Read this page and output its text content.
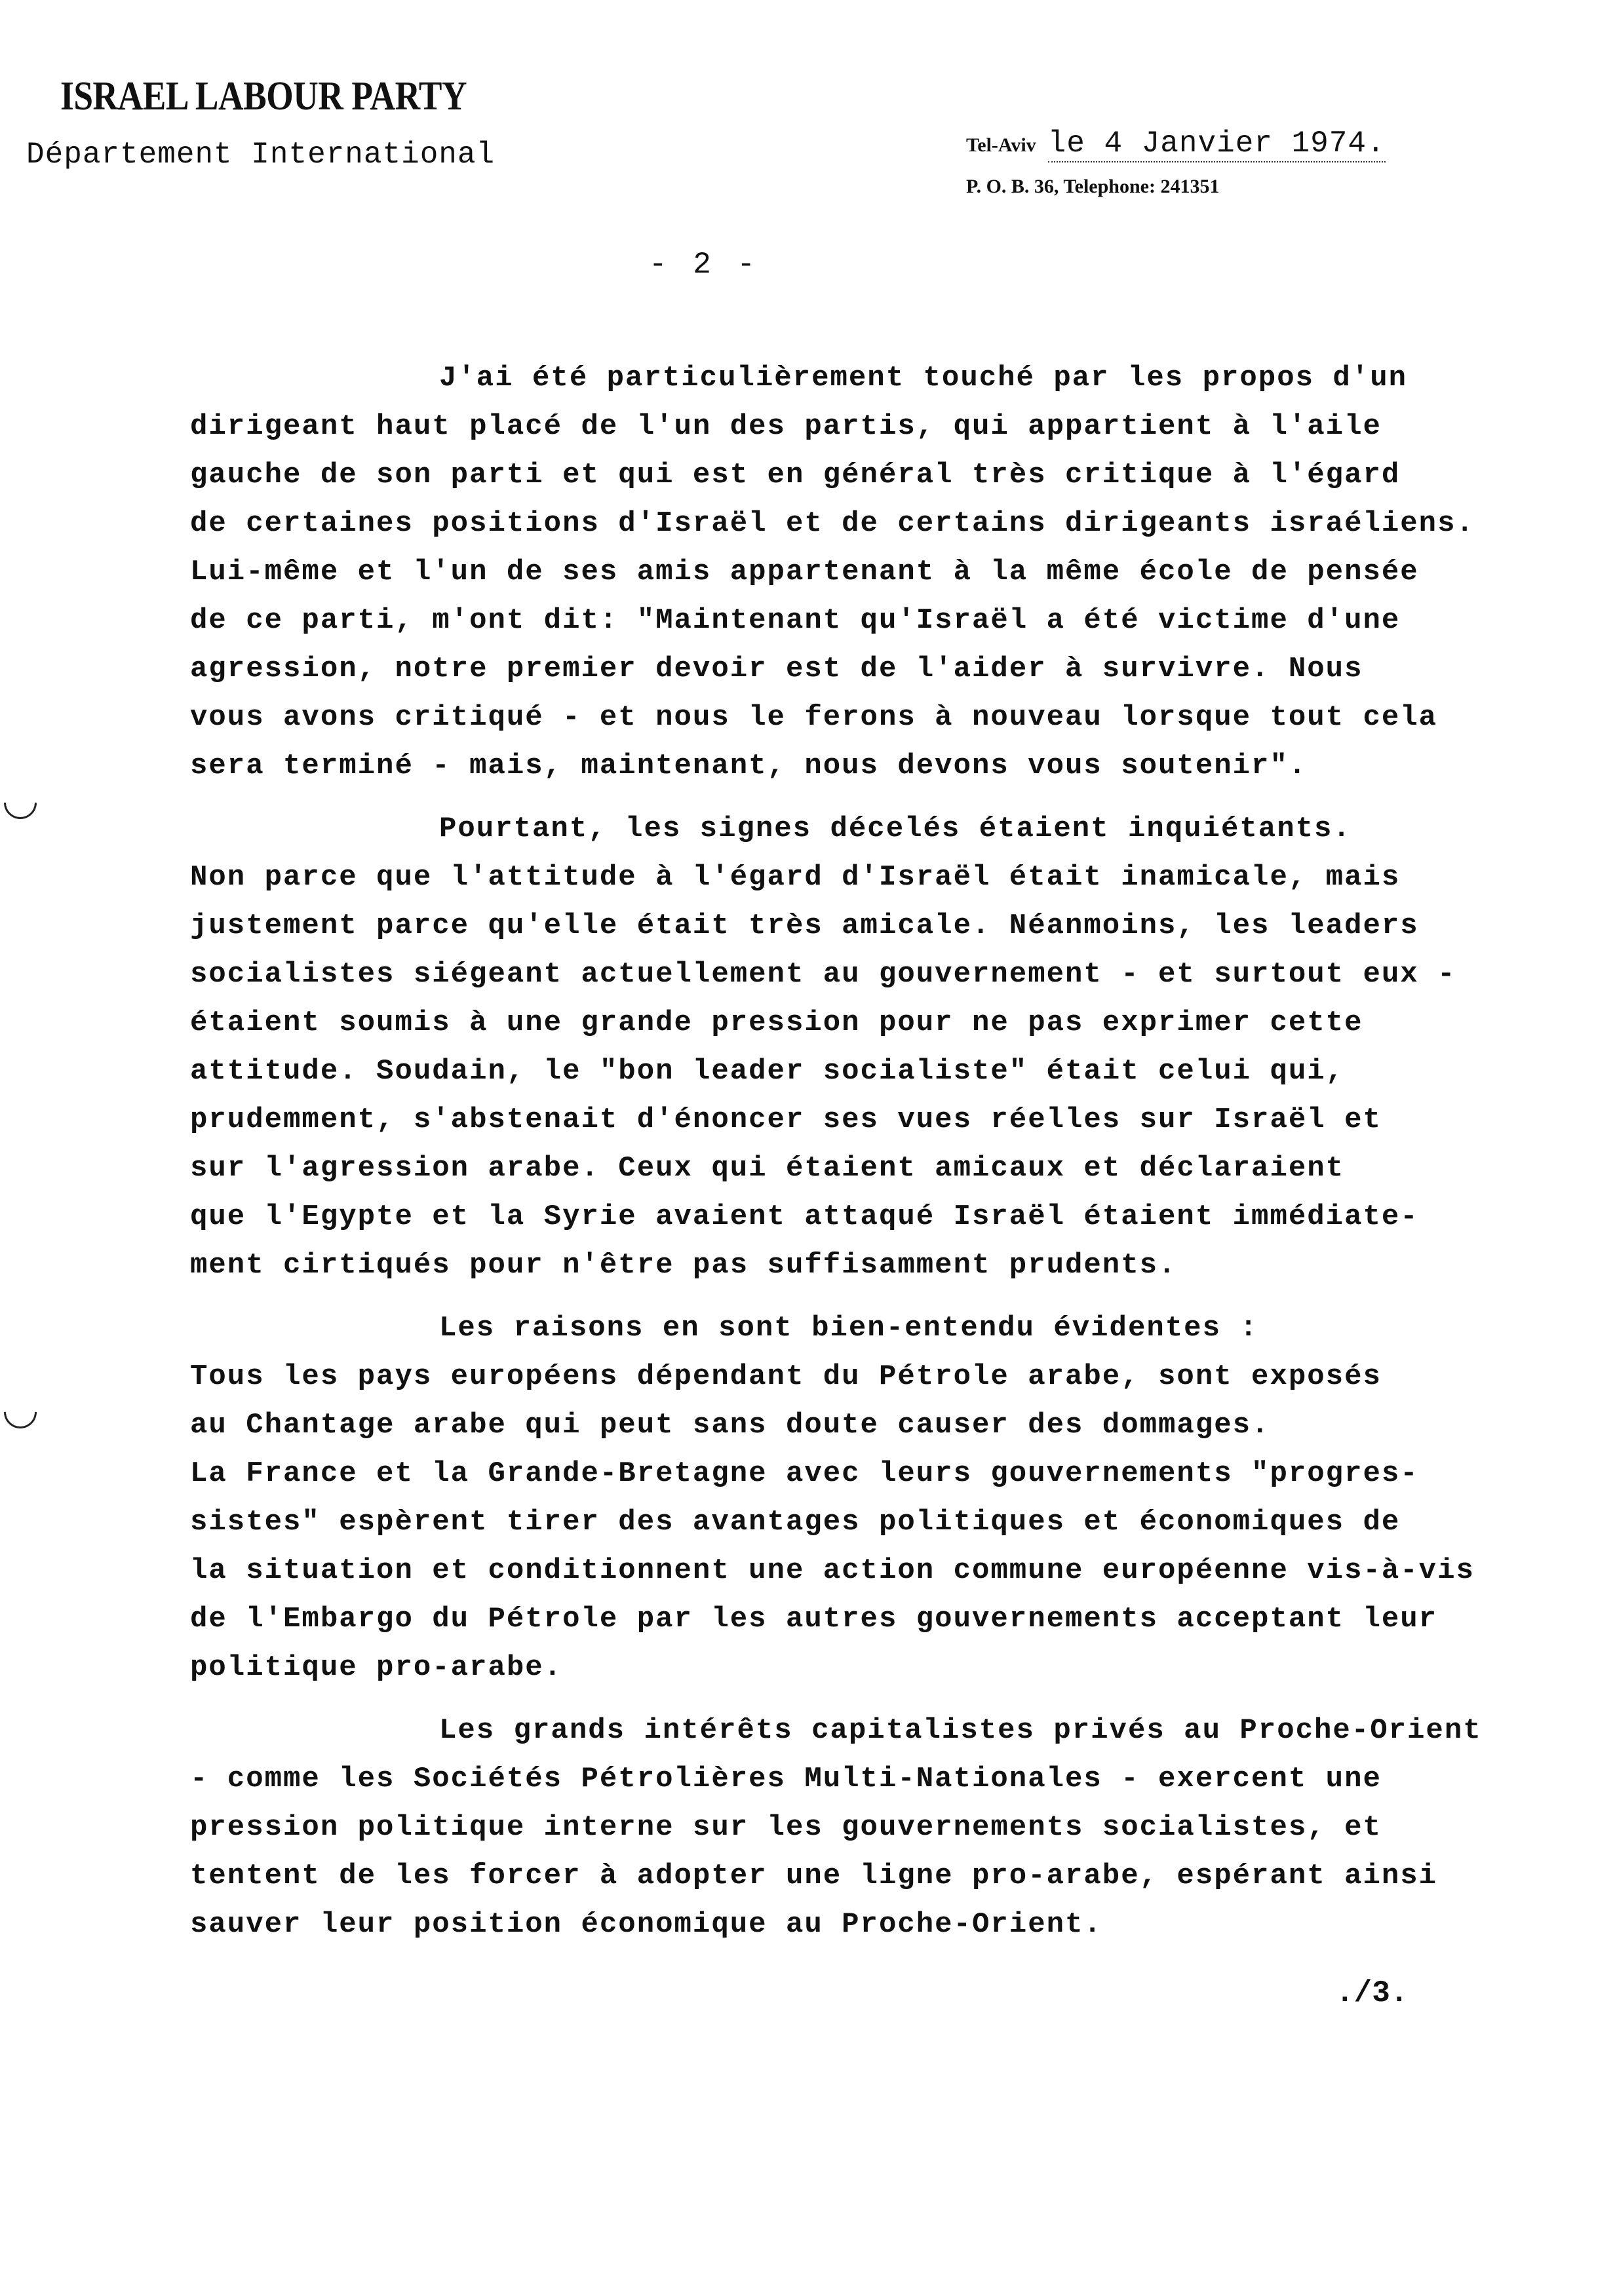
ISRAEL LABOUR PARTY
Département International	Tel-Aviv le 4 Janvier 1974.
P. O. B. 36, Telephone: 241351
- 2 -

J'ai été particulièrement touché par les propos d'un
dirigeant haut placé de l'un des partis, qui appartient à l'aile
gauche de son parti et qui est en général très critique à l'égard
de certaines positions d'Israël et de certains dirigeants israéliens.
Lui-même et l'un de ses amis appartenant à la même école de pensée
de ce parti, m'ont dit: "Maintenant qu'Israël a été victime d'une
agression, notre premier devoir est de l'aider à survivre. Nous
vous avons critiqué - et nous le ferons à nouveau lorsque tout cela
sera terminé - mais, maintenant, nous devons vous soutenir".

Pourtant, les signes décelés étaient inquiétants.
Non parce que l'attitude à l'égard d'Israël était inamicale, mais
justement parce qu'elle était très amicale. Néanmoins, les leaders
socialistes siégeant actuellement au gouvernement - et surtout eux -
étaient soumis à une grande pression pour ne pas exprimer cette
attitude. Soudain, le "bon leader socialiste" était celui qui,
prudemment, s'abstenait d'énoncer ses vues réelles sur Israël et
sur l'agression arabe. Ceux qui étaient amicaux et déclaraient
que l'Egypte et la Syrie avaient attaqué Israël étaient immédiate-
ment cirtiqués pour n'être pas suffisamment prudents.

Les raisons en sont bien-entendu évidentes :
Tous les pays européens dépendant du Pétrole arabe, sont exposés
au Chantage arabe qui peut sans doute causer des dommages.
La France et la Grande-Bretagne avec leurs gouvernements "progres-
sistes" espèrent tirer des avantages politiques et économiques de
la situation et conditionnent une action commune européenne vis-à-vis
de l'Embargo du Pétrole par les autres gouvernements acceptant leur
politique pro-arabe.

Les grands intérêts capitalistes privés au Proche-Orient
- comme les Sociétés Pétrolières Multi-Nationales - exercent une
pression politique interne sur les gouvernements socialistes, et
tentent de les forcer à adopter une ligne pro-arabe, espérant ainsi
sauver leur position économique au Proche-Orient.

./3.
